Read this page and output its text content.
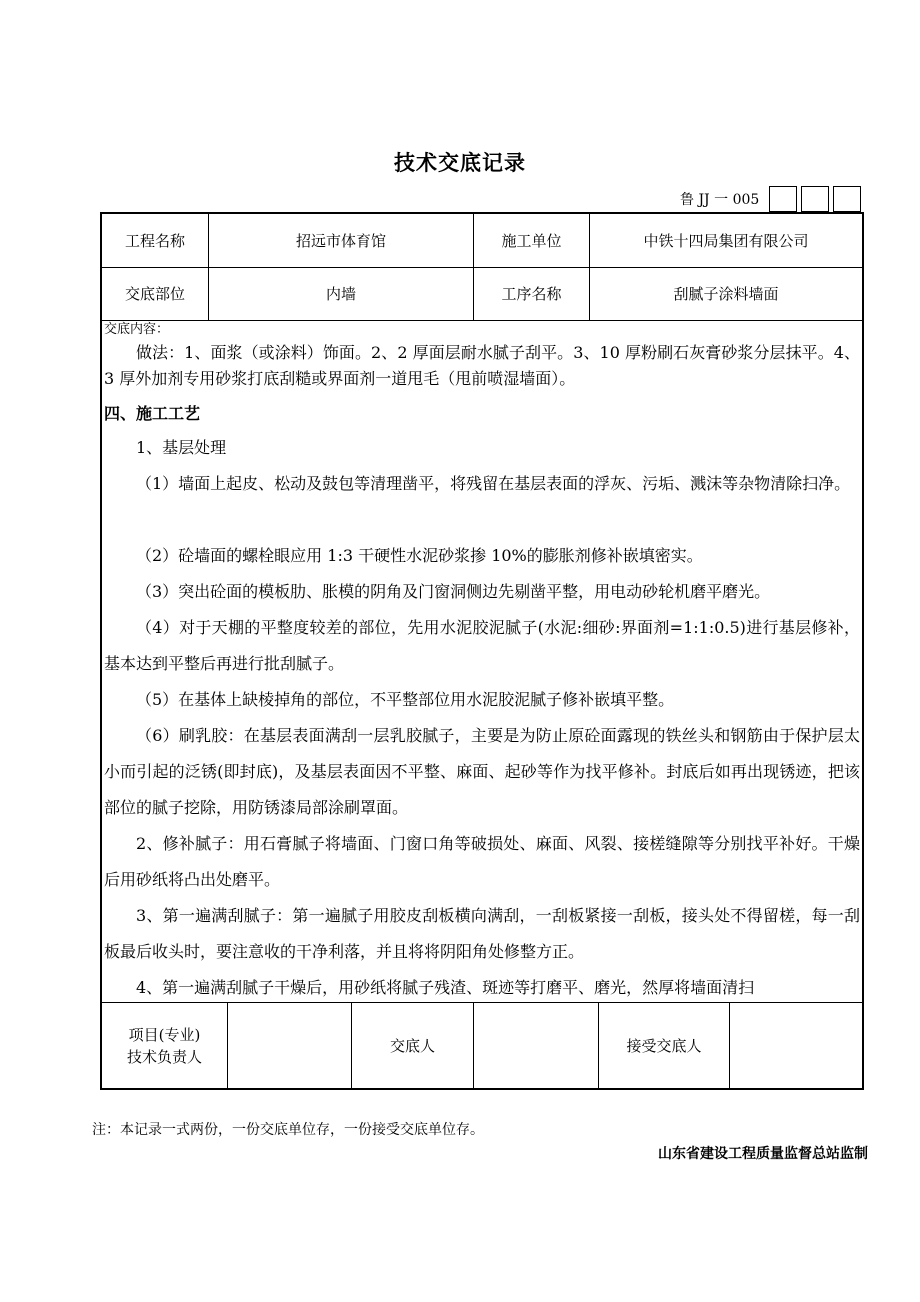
技术交底记录
鲁 JJ 一 005
工程名称	招远市体育馆	施工单位	中铁十四局集团有限公司
交底部位	内墙	工序名称	刮腻子涂料墙面
交底内容：
做法：1、面浆（或涂料）饰面。2、2 厚面层耐水腻子刮平。3、10 厚粉刷石灰膏砂浆分层抹平。4、3 厚外加剂专用砂浆打底刮糙或界面剂一道甩毛（甩前喷湿墙面）。
四、施工工艺
1、基层处理
（1）墙面上起皮、松动及鼓包等清理凿平，将残留在基层表面的浮灰、污垢、溅沫等杂物清除扫净。
（2）砼墙面的螺栓眼应用 1:3 干硬性水泥砂浆掺 10%的膨胀剂修补嵌填密实。
（3）突出砼面的模板肋、胀模的阴角及门窗洞侧边先剔凿平整，用电动砂轮机磨平磨光。
（4）对于天棚的平整度较差的部位，先用水泥胶泥腻子(水泥:细砂:界面剂=1:1:0.5)进行基层修补，基本达到平整后再进行批刮腻子。
（5）在基体上缺棱掉角的部位，不平整部位用水泥胶泥腻子修补嵌填平整。
（6）刷乳胶：在基层表面满刮一层乳胶腻子，主要是为防止原砼面露现的铁丝头和钢筋由于保护层太小而引起的泛锈(即封底)，及基层表面因不平整、麻面、起砂等作为找平修补。封底后如再出现锈迹，把该部位的腻子挖除，用防锈漆局部涂刷罩面。
2、修补腻子：用石膏腻子将墙面、门窗口角等破损处、麻面、风裂、接槎缝隙等分别找平补好。干燥后用砂纸将凸出处磨平。
3、第一遍满刮腻子：第一遍腻子用胶皮刮板横向满刮，一刮板紧接一刮板，接头处不得留槎，每一刮板最后收头时，要注意收的干净利落，并且将将阴阳角处修整方正。
4、第一遍满刮腻子干燥后，用砂纸将腻子残渣、斑迹等打磨平、磨光，然厚将墙面清扫
项目(专业)
技术负责人
交底人	接受交底人
注：本记录一式两份，一份交底单位存，一份接受交底单位存。
山东省建设工程质量监督总站监制
